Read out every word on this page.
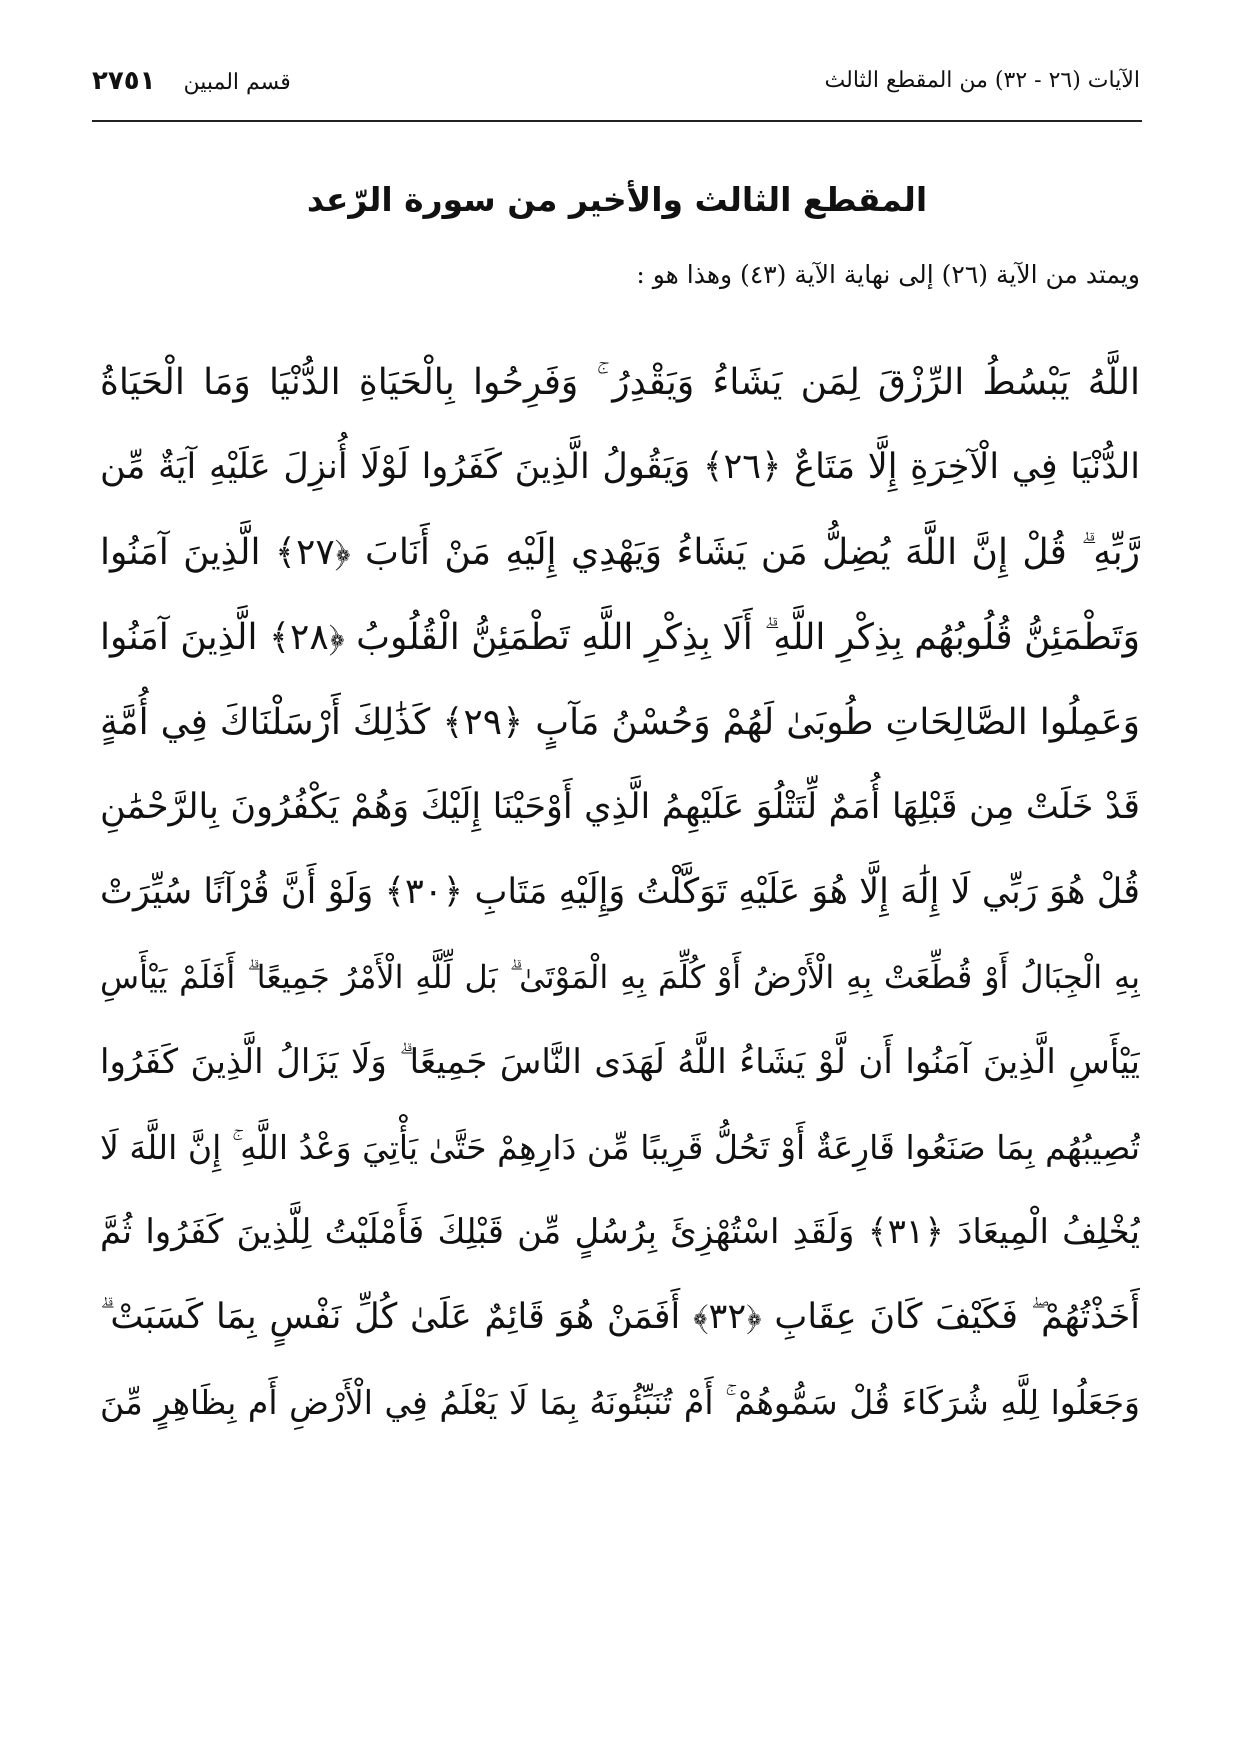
الآيات (٢٦ - ٣٢) من المقطع الثالث
٢٧٥١ قسم المبين
المقطع الثالث والأخير من سورة الرّعد
ويمتد من الآية (٢٦) إلى نهاية الآية (٤٣) وهذا هو :
اللَّهُ يَبْسُطُ الرِّزْقَ لِمَن يَشَاءُ وَيَقْدِرُ ۚ وَفَرِحُوا بِالْحَيَاةِ الدُّنْيَا وَمَا الْحَيَاةُ
الدُّنْيَا فِي الْآخِرَةِ إِلَّا مَتَاعٌ ﴿٢٦﴾ وَيَقُولُ الَّذِينَ كَفَرُوا لَوْلَا أُنزِلَ عَلَيْهِ آيَةٌ مِّن
رَّبِّهِ ۗ قُلْ إِنَّ اللَّهَ يُضِلُّ مَن يَشَاءُ وَيَهْدِي إِلَيْهِ مَنْ أَنَابَ ﴿٢٧﴾ الَّذِينَ آمَنُوا
وَتَطْمَئِنُّ قُلُوبُهُم بِذِكْرِ اللَّهِ ۗ أَلَا بِذِكْرِ اللَّهِ تَطْمَئِنُّ الْقُلُوبُ ﴿٢٨﴾ الَّذِينَ آمَنُوا
وَعَمِلُوا الصَّالِحَاتِ طُوبَىٰ لَهُمْ وَحُسْنُ مَآبٍ ﴿٢٩﴾ كَذَٰلِكَ أَرْسَلْنَاكَ فِي أُمَّةٍ
قَدْ خَلَتْ مِن قَبْلِهَا أُمَمٌ لِّتَتْلُوَ عَلَيْهِمُ الَّذِي أَوْحَيْنَا إِلَيْكَ وَهُمْ يَكْفُرُونَ بِالرَّحْمَٰنِ
قُلْ هُوَ رَبِّي لَا إِلَٰهَ إِلَّا هُوَ عَلَيْهِ تَوَكَّلْتُ وَإِلَيْهِ مَتَابِ ﴿٣٠﴾ وَلَوْ أَنَّ قُرْآنًا سُيِّرَتْ
بِهِ الْجِبَالُ أَوْ قُطِّعَتْ بِهِ الْأَرْضُ أَوْ كُلِّمَ بِهِ الْمَوْتَىٰ ۗ بَل لِّلَّهِ الْأَمْرُ جَمِيعًا ۗ أَفَلَمْ يَيْأَسِ
يَيْأَسِ الَّذِينَ آمَنُوا أَن لَّوْ يَشَاءُ اللَّهُ لَهَدَى النَّاسَ جَمِيعًا ۗ وَلَا يَزَالُ الَّذِينَ كَفَرُوا
تُصِيبُهُم بِمَا صَنَعُوا قَارِعَةٌ أَوْ تَحُلُّ قَرِيبًا مِّن دَارِهِمْ حَتَّىٰ يَأْتِيَ وَعْدُ اللَّهِ ۚ إِنَّ اللَّهَ لَا
يُخْلِفُ الْمِيعَادَ ﴿٣١﴾ وَلَقَدِ اسْتُهْزِئَ بِرُسُلٍ مِّن قَبْلِكَ فَأَمْلَيْتُ لِلَّذِينَ كَفَرُوا ثُمَّ
أَخَذْتُهُمْ ۖ فَكَيْفَ كَانَ عِقَابِ ﴿٣٢﴾ أَفَمَنْ هُوَ قَائِمٌ عَلَىٰ كُلِّ نَفْسٍ بِمَا كَسَبَتْ ۗ
وَجَعَلُوا لِلَّهِ شُرَكَاءَ قُلْ سَمُّوهُمْ ۚ أَمْ تُنَبِّئُونَهُ بِمَا لَا يَعْلَمُ فِي الْأَرْضِ أَم بِظَاهِرٍ مِّنَ
